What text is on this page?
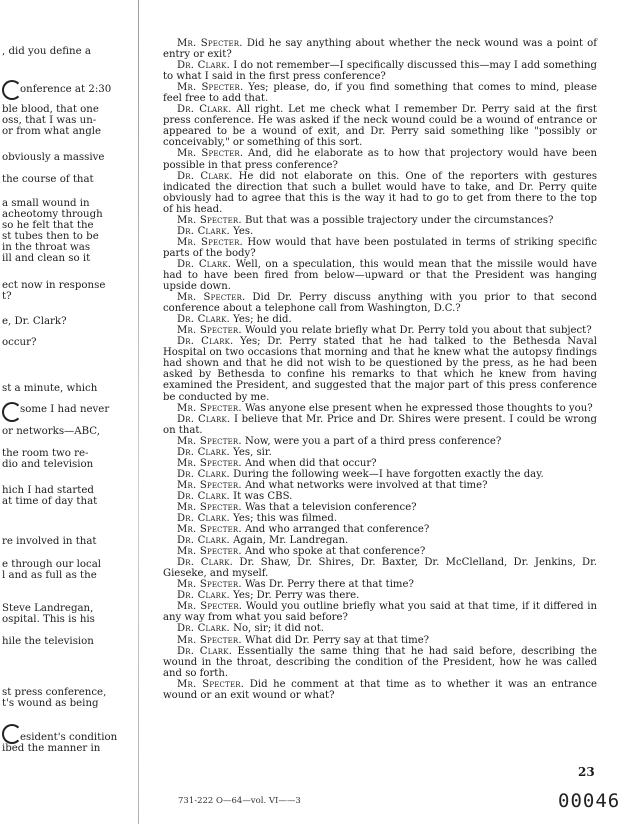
, did you define a
onference at 2:30
ble blood, that one
oss, that I was un-
or from what angle
obviously a massive
the course of that
a small wound in
acheotomy through
so he felt that the
st tubes then to be
in the throat was
ill and clean so it
ect now in response
t?
e, Dr. Clark?
occur?
st a minute, which
some I had never
or networks—ABC,
the room two re-
dio and television
hich I had started
at time of day that
re involved in that
e through our local
l and as full as the
Steve Landregan,
ospital. This is his
hile the television
st press conference,
t's wound as being
esident's condition
ibed the manner in

Mr. Specter. Did he say anything about whether the neck wound was a point of entry or exit?

Dr. Clark. I do not remember—I specifically discussed this—may I add something to what I said in the first press conference?

Mr. Specter. Yes; please, do, if you find something that comes to mind, please feel free to add that.

Dr. Clark. All right. Let me check what I remember Dr. Perry said at the first press conference. He was asked if the neck wound could be a wound of entrance or appeared to be a wound of exit, and Dr. Perry said something like "possibly or conceivably," or something of this sort.

Mr. Specter. And, did he elaborate as to how that projectory would have been possible in that press conference?

Dr. Clark. He did not elaborate on this. One of the reporters with gestures indicated the direction that such a bullet would have to take, and Dr. Perry quite obviously had to agree that this is the way it had to go to get from there to the top of his head.

Mr. Specter. But that was a possible trajectory under the circumstances?

Dr. Clark. Yes.

Mr. Specter. How would that have been postulated in terms of striking specific parts of the body?

Dr. Clark. Well, on a speculation, this would mean that the missile would have had to have been fired from below—upward or that the President was hanging upside down.

Mr. Specter. Did Dr. Perry discuss anything with you prior to that second conference about a telephone call from Washington, D.C.?

Dr. Clark. Yes; he did.

Mr. Specter. Would you relate briefly what Dr. Perry told you about that subject?

Dr. Clark. Yes; Dr. Perry stated that he had talked to the Bethesda Naval Hospital on two occasions that morning and that he knew what the autopsy findings had shown and that he did not wish to be questioned by the press, as he had been asked by Bethesda to confine his remarks to that which he knew from having examined the President, and suggested that the major part of this press conference be conducted by me.

Mr. Specter. Was anyone else present when he expressed those thoughts to you?

Dr. Clark. I believe that Mr. Price and Dr. Shires were present. I could be wrong on that.

Mr. Specter. Now, were you a part of a third press conference?

Dr. Clark. Yes, sir.

Mr. Specter. And when did that occur?

Dr. Clark. During the following week—I have forgotten exactly the day.

Mr. Specter. And what networks were involved at that time?

Dr. Clark. It was CBS.

Mr. Specter. Was that a television conference?

Dr. Clark. Yes; this was filmed.

Mr. Specter. And who arranged that conference?

Dr. Clark. Again, Mr. Landregan.

Mr. Specter. And who spoke at that conference?

Dr. Clark. Dr. Shaw, Dr. Shires, Dr. Baxter, Dr. McClelland, Dr. Jenkins, Dr. Gieseke, and myself.

Mr. Specter. Was Dr. Perry there at that time?

Dr. Clark. Yes; Dr. Perry was there.

Mr. Specter. Would you outline briefly what you said at that time, if it differed in any way from what you said before?

Dr. Clark. No, sir; it did not.

Mr. Specter. What did Dr. Perry say at that time?

Dr. Clark. Essentially the same thing that he had said before, describing the wound in the throat, describing the condition of the President, how he was called and so forth.

Mr. Specter. Did he comment at that time as to whether it was an entrance wound or an exit wound or what?

23
731-222 O—64—vol. VI——3	00046
